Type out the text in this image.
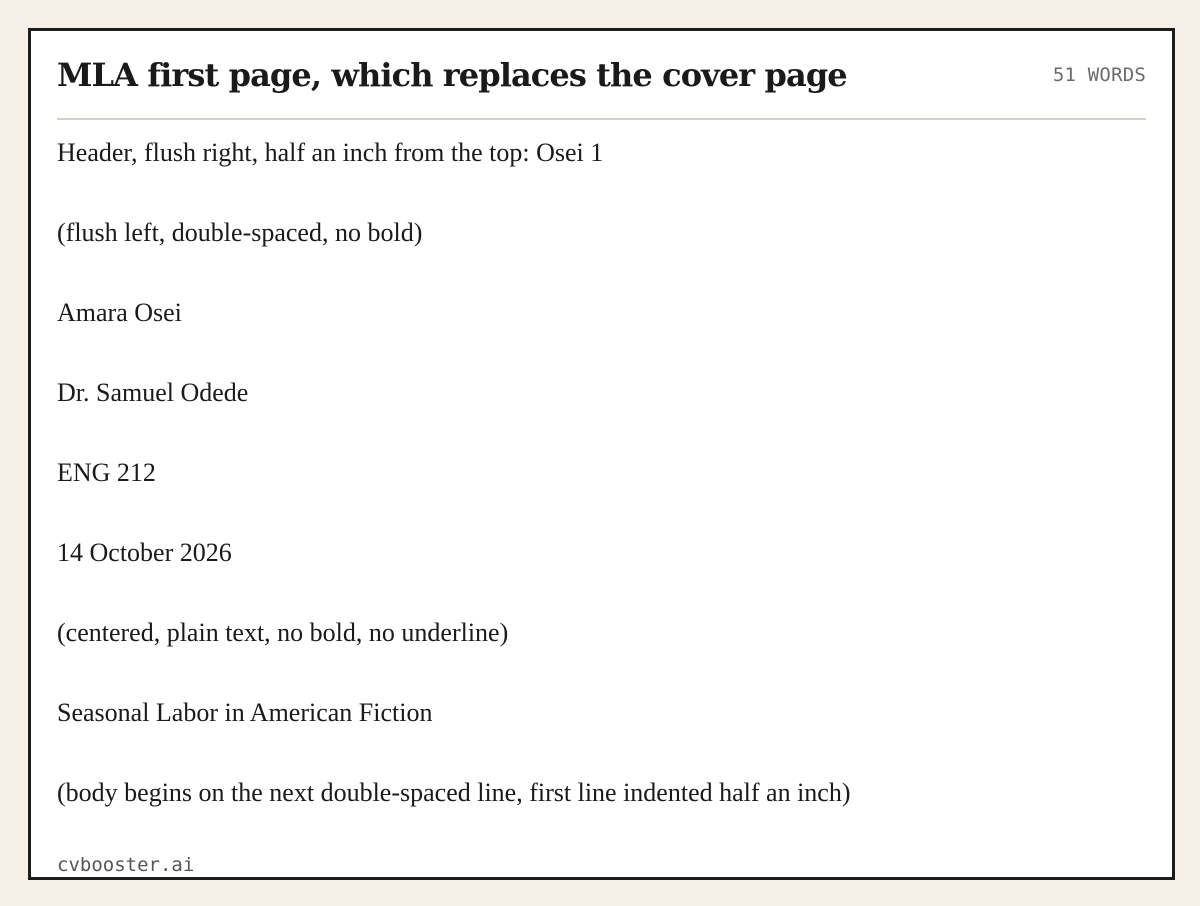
MLA first page, which replaces the cover page	51 WORDS
Header, flush right, half an inch from the top: Osei 1
(flush left, double-spaced, no bold)
Amara Osei
Dr. Samuel Odede
ENG 212
14 October 2026
(centered, plain text, no bold, no underline)
Seasonal Labor in American Fiction
(body begins on the next double-spaced line, first line indented half an inch)
cvbooster.ai
